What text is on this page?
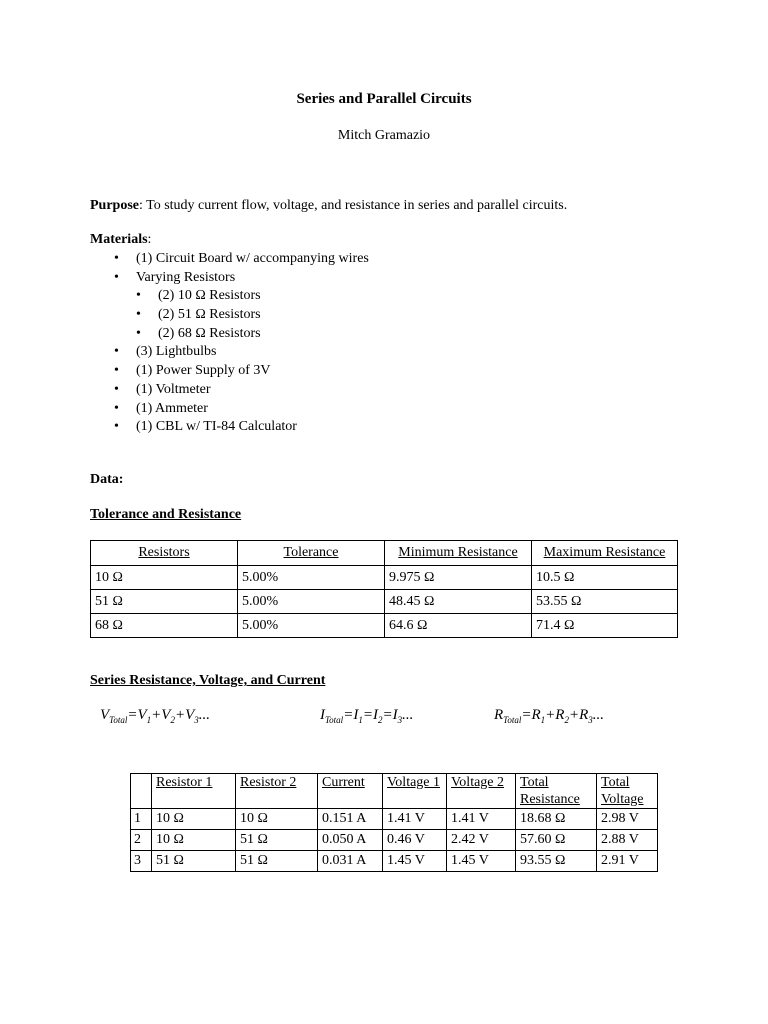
Series and Parallel Circuits
Mitch Gramazio
Purpose: To study current flow, voltage, and resistance in series and parallel circuits.
Materials:
• (1) Circuit Board w/ accompanying wires
• Varying Resistors
• (2) 10 Ω Resistors
• (2) 51 Ω Resistors
• (2) 68 Ω Resistors
• (3) Lightbulbs
• (1) Power Supply of 3V
• (1) Voltmeter
• (1) Ammeter
• (1) CBL w/ TI-84 Calculator
Data:
Tolerance and Resistance
Resistors	Tolerance	Minimum Resistance	Maximum Resistance
10 Ω	5.00%	9.975 Ω	10.5 Ω
51 Ω	5.00%	48.45 Ω	53.55 Ω
68 Ω	5.00%	64.6 Ω	71.4 Ω
Series Resistance, Voltage, and Current
$V_{Total}=V_1+V_2+V_3$...	$I_{Total}=I_1=I_2=I_3$...	$R_{Total}=R_1+R_2+R_3$...
	Resistor 1	Resistor 2	Current	Voltage 1	Voltage 2	Total Resistance	Total Voltage
1	10 Ω	10 Ω	0.151 A	1.41 V	1.41 V	18.68 Ω	2.98 V
2	10 Ω	51 Ω	0.050 A	0.46 V	2.42 V	57.60 Ω	2.88 V
3	51 Ω	51 Ω	0.031 A	1.45 V	1.45 V	93.55 Ω	2.91 V
